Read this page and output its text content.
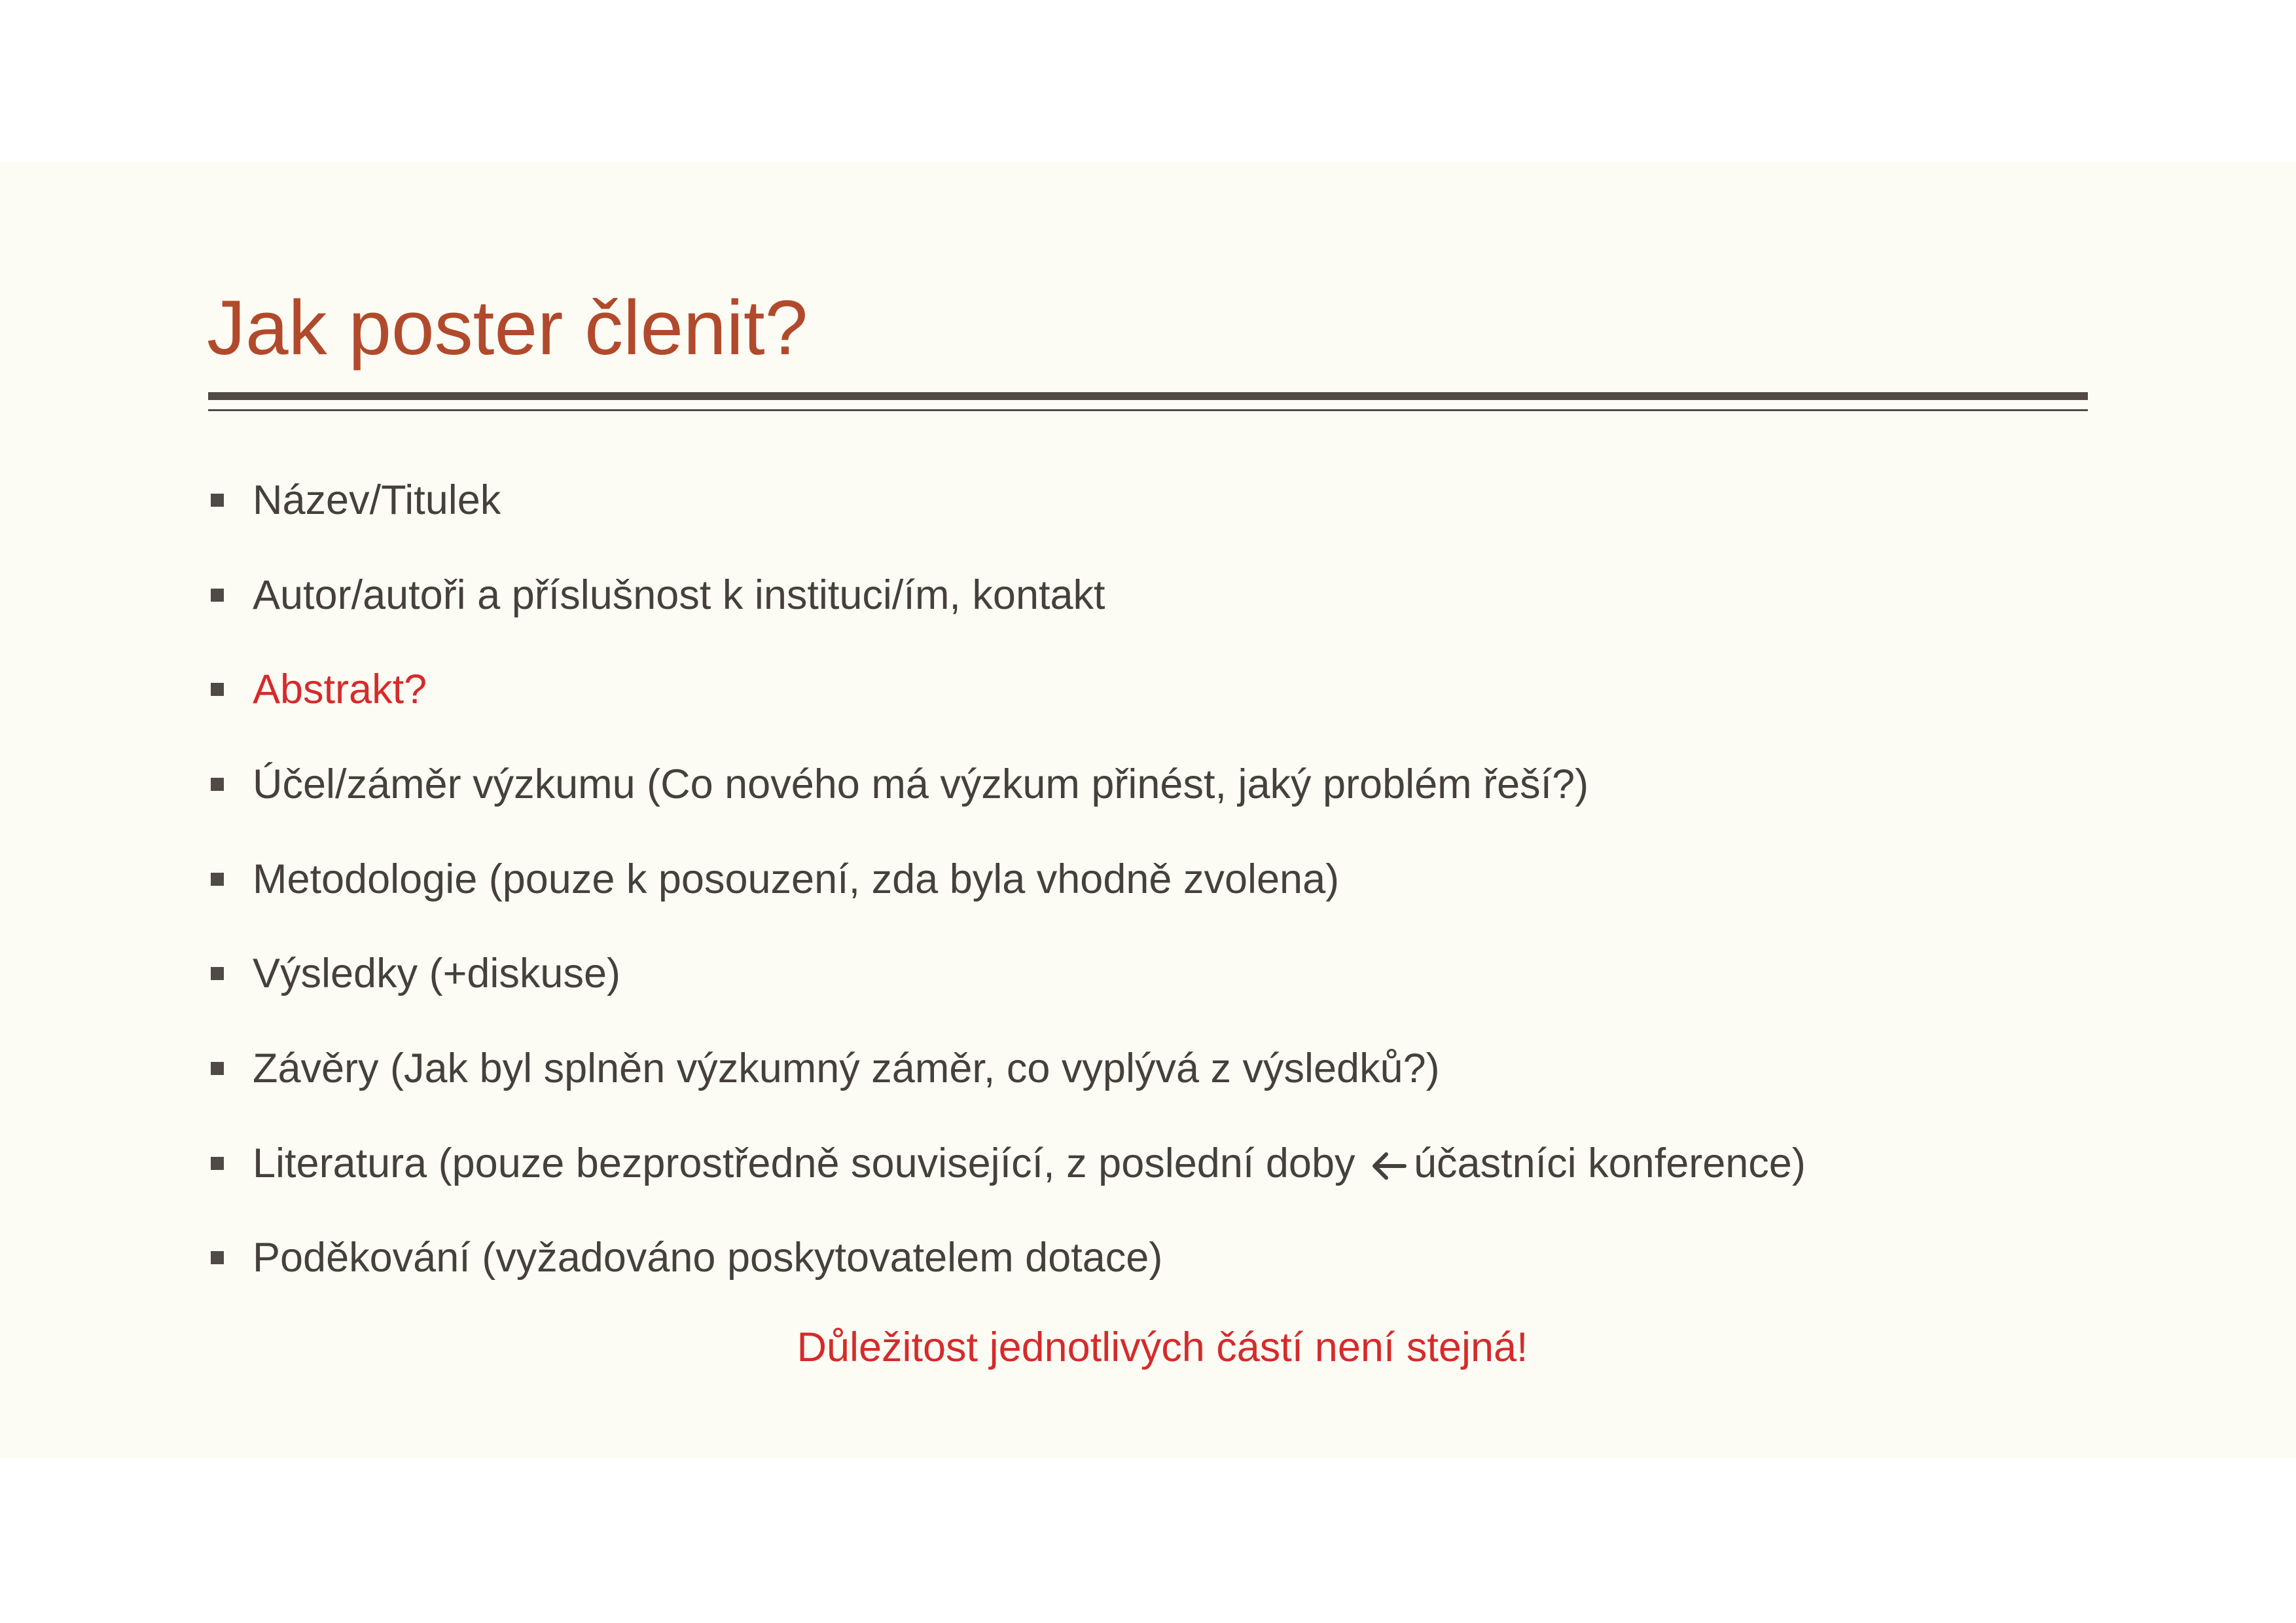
Jak poster členit?
Název/Titulek
Autor/autoři a příslušnost k instituci/ím, kontakt
Abstrakt?
Účel/záměr výzkumu (Co nového má výzkum přinést, jaký problém řeší?)
Metodologie (pouze k posouzení, zda byla vhodně zvolena)
Výsledky (+diskuse)
Závěry (Jak byl splněn výzkumný záměr, co vyplývá z výsledků?)
Literatura (pouze bezprostředně související, z poslední doby účastníci konference)
Poděkování (vyžadováno poskytovatelem dotace)
Důležitost jednotlivých částí není stejná!
